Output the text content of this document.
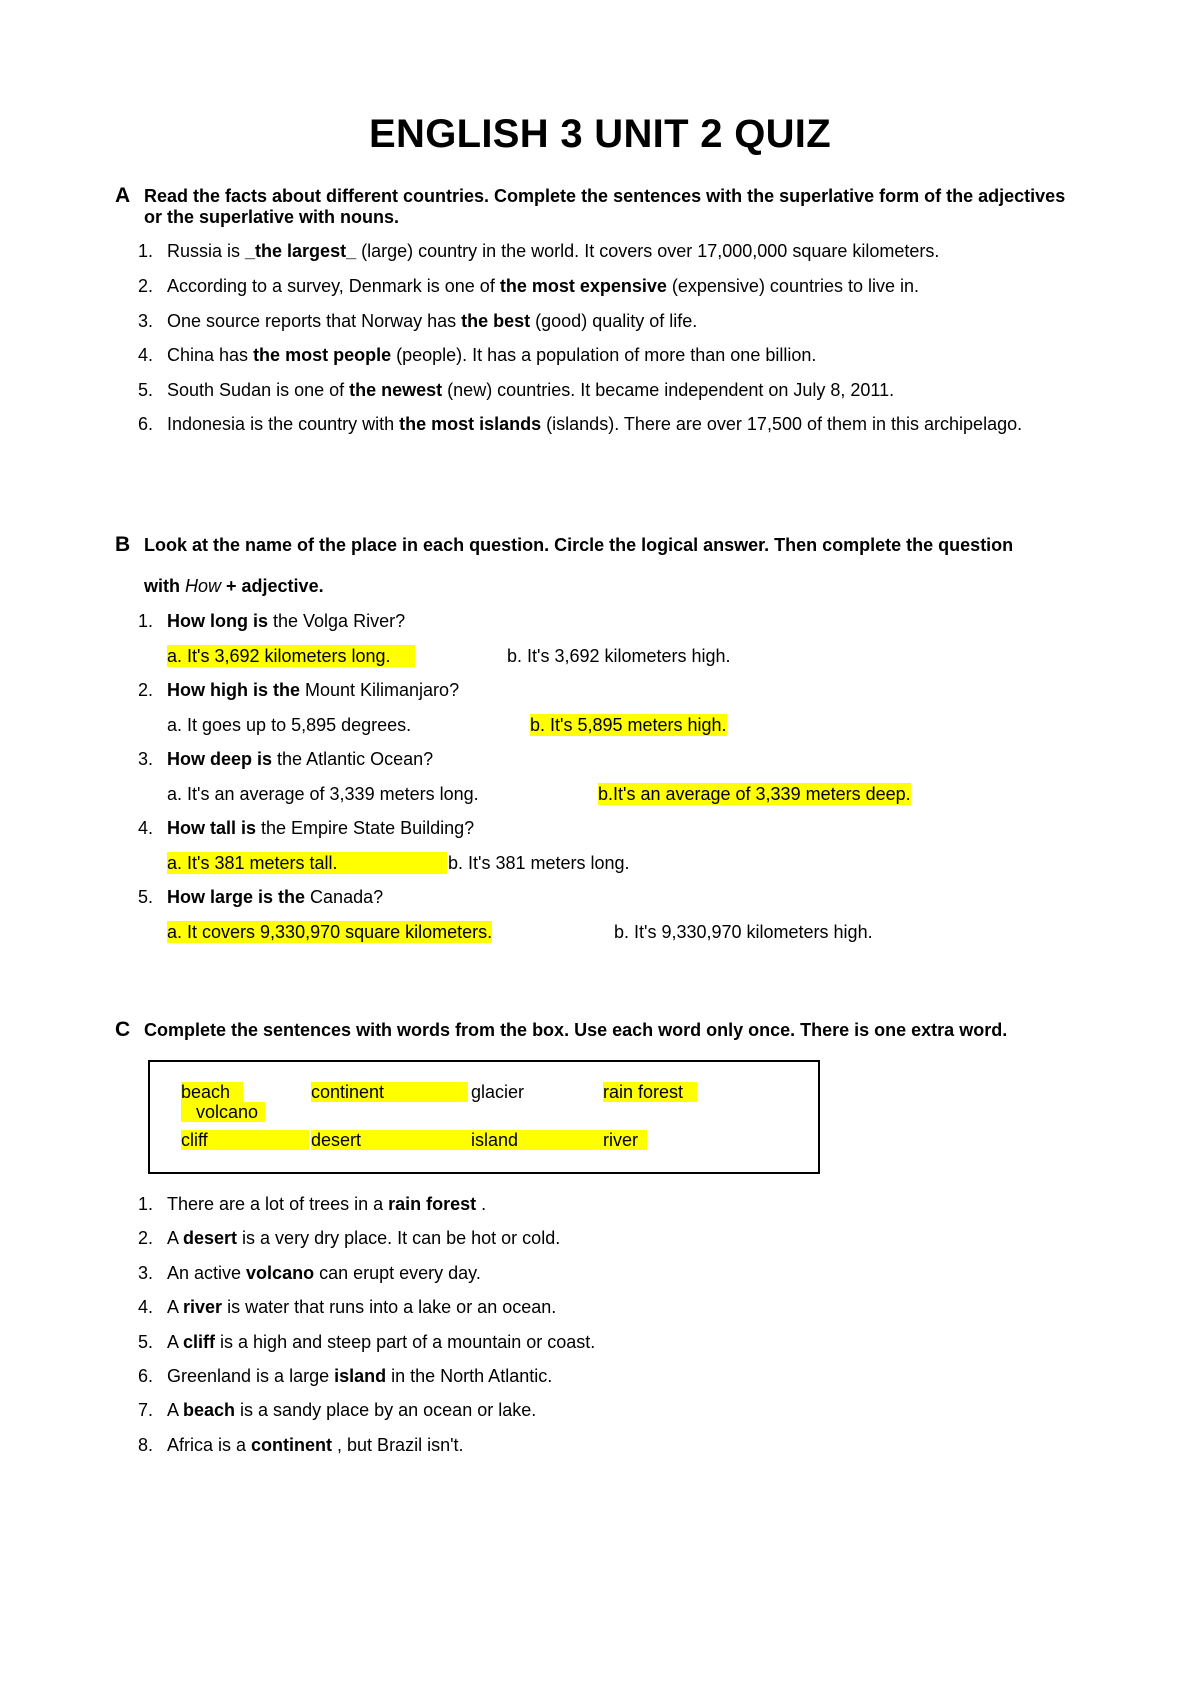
ENGLISH 3 UNIT 2 QUIZ
A Read the facts about different countries. Complete the sentences with the superlative form of the adjectives or the superlative with nouns.
1. Russia is _the largest_ (large) country in the world. It covers over 17,000,000 square kilometers.
2. According to a survey, Denmark is one of the most expensive (expensive) countries to live in.
3. One source reports that Norway has the best (good) quality of life.
4. China has the most people (people). It has a population of more than one billion.
5. South Sudan is one of the newest (new) countries. It became independent on July 8, 2011.
6. Indonesia is the country with the most islands (islands). There are over 17,500 of them in this archipelago.
B Look at the name of the place in each question. Circle the logical answer. Then complete the question
with How + adjective.
1. How long is the Volga River?
a. It's 3,692 kilometers long.	b. It's 3,692 kilometers high.
2. How high is the Mount Kilimanjaro?
a. It goes up to 5,895 degrees.	b. It's 5,895 meters high.
3. How deep is the Atlantic Ocean?
a. It's an average of 3,339 meters long.	b.It's an average of 3,339 meters deep.
4. How tall is the Empire State Building?
a. It's 381 meters tall.	b. It's 381 meters long.
5. How large is the Canada?
a. It covers 9,330,970 square kilometers.	b. It's 9,330,970 kilometers high.
C Complete the sentences with words from the box. Use each word only once. There is one extra word.
beach	continent	glacier	rain forest
volcano
cliff	desert	island	river
1. There are a lot of trees in a rain forest .
2. A desert is a very dry place. It can be hot or cold.
3. An active volcano can erupt every day.
4. A river is water that runs into a lake or an ocean.
5. A cliff is a high and steep part of a mountain or coast.
6. Greenland is a large island in the North Atlantic.
7. A beach is a sandy place by an ocean or lake.
8. Africa is a continent , but Brazil isn't.
